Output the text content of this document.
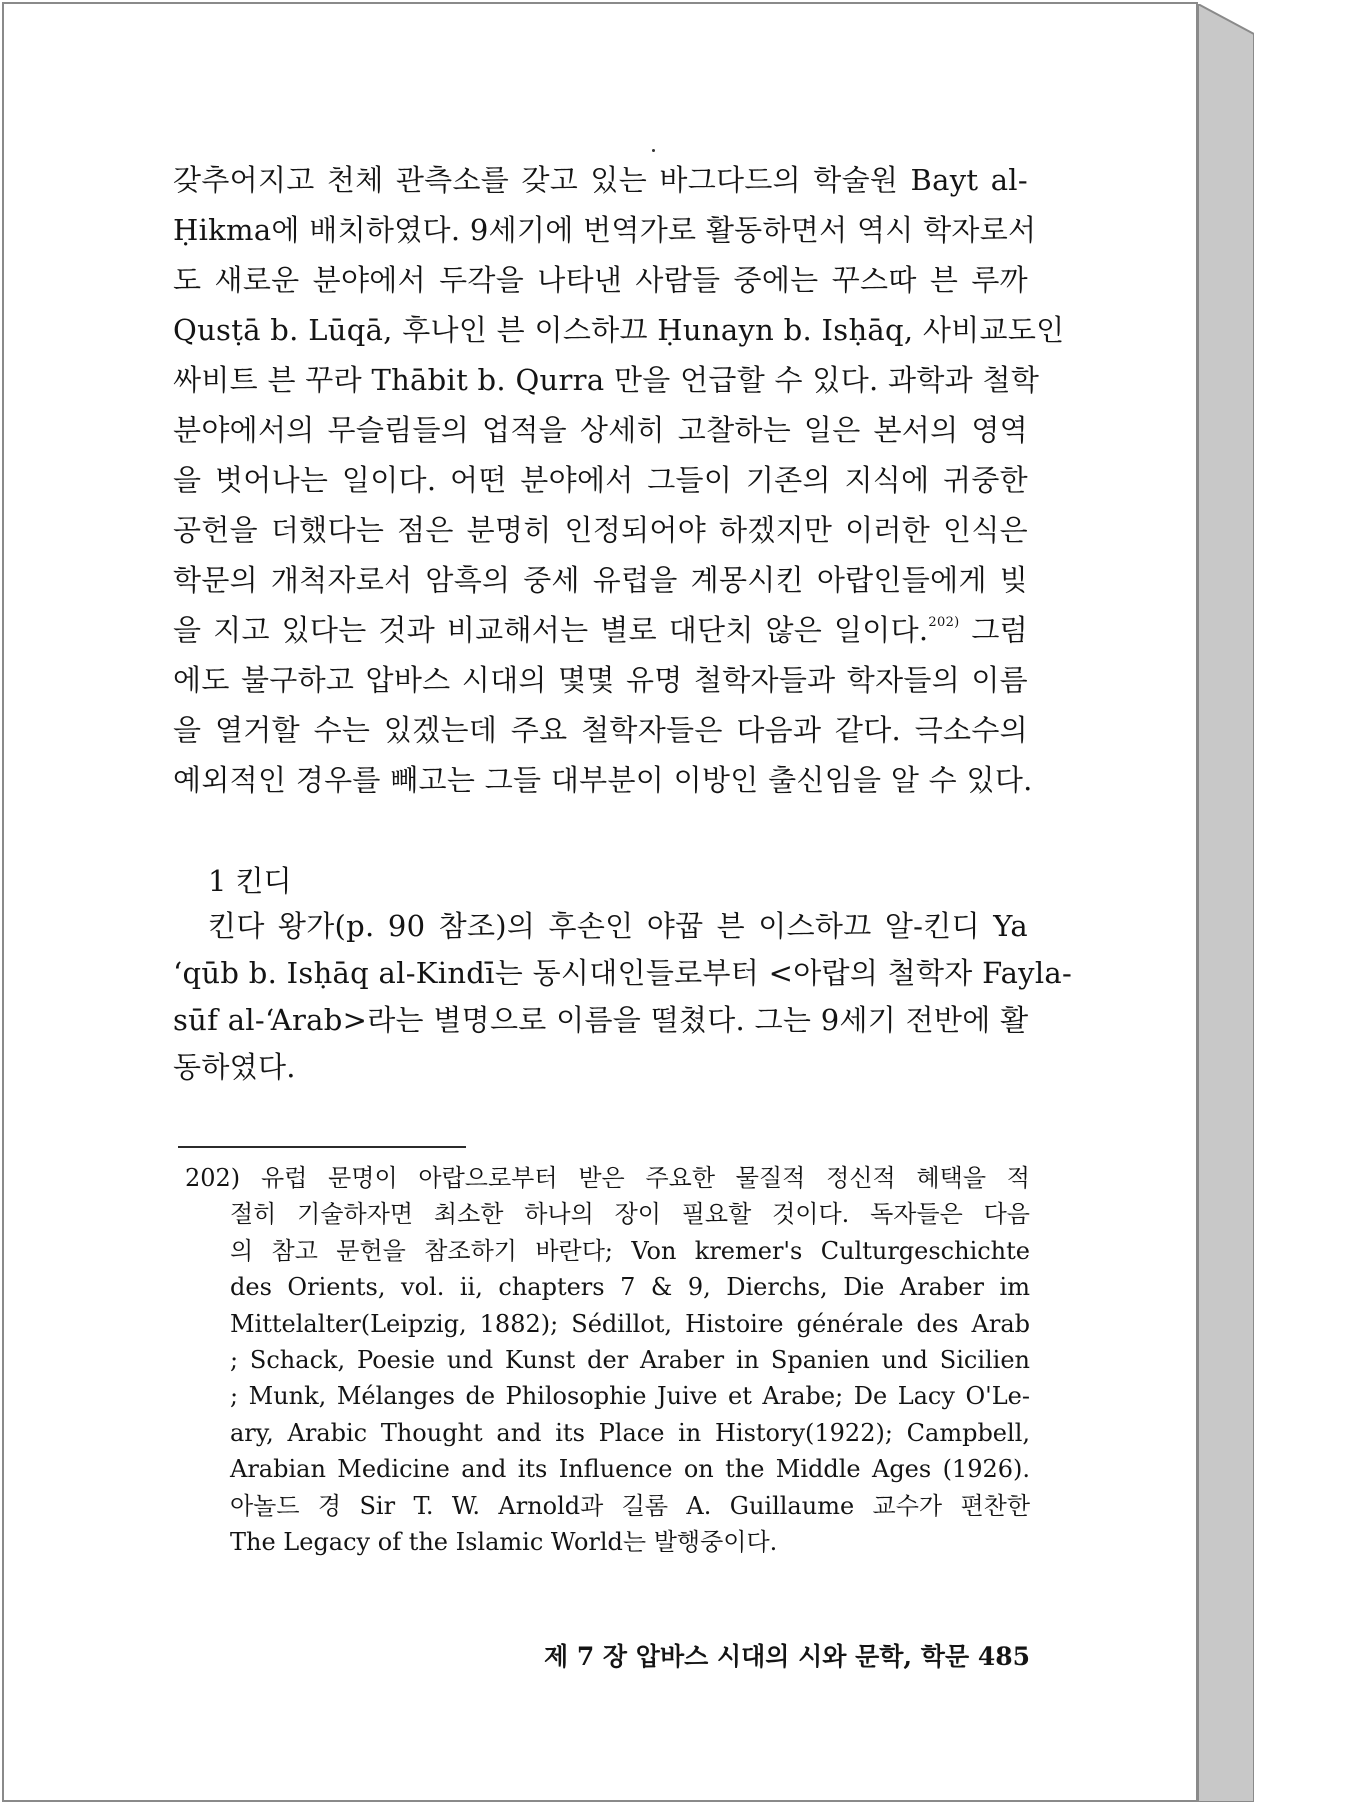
갖추어지고 천체 관측소를 갖고 있는 바그다드의 학술원 Bayt al-
Ḥikma에 배치하였다. 9세기에 번역가로 활동하면서 역시 학자로서
도 새로운 분야에서 두각을 나타낸 사람들 중에는 꾸스따 븐 루까
Qusṭā b. Lūqā, 후나인 븐 이스하끄 Ḥunayn b. Isḥāq, 사비교도인
싸비트 븐 꾸라 Thābit b. Qurra 만을 언급할 수 있다. 과학과 철학
분야에서의 무슬림들의 업적을 상세히 고찰하는 일은 본서의 영역
을 벗어나는 일이다. 어떤 분야에서 그들이 기존의 지식에 귀중한
공헌을 더했다는 점은 분명히 인정되어야 하겠지만 이러한 인식은
학문의 개척자로서 암흑의 중세 유럽을 계몽시킨 아랍인들에게 빚
을 지고 있다는 것과 비교해서는 별로 대단치 않은 일이다.$^{202)}$ 그럼
에도 불구하고 압바스 시대의 몇몇 유명 철학자들과 학자들의 이름
을 열거할 수는 있겠는데 주요 철학자들은 다음과 같다. 극소수의
예외적인 경우를 빼고는 그들 대부분이 이방인 출신임을 알 수 있다.
1 킨디
킨다 왕가(p. 90 참조)의 후손인 야꿉 븐 이스하끄 알-킨디 Ya
ʻqūb b. Isḥāq al-Kindī는 동시대인들로부터 <아랍의 철학자 Fayla-
sūf al-ʻArab>라는 별명으로 이름을 떨쳤다. 그는 9세기 전반에 활
동하였다.
202) 유럽 문명이 아랍으로부터 받은 주요한 물질적 정신적 혜택을 적
절히 기술하자면 최소한 하나의 장이 필요할 것이다. 독자들은 다음
의 참고 문헌을 참조하기 바란다; Von kremer's Culturgeschichte
des Orients, vol. ii, chapters 7 & 9, Dierchs, Die Araber im
Mittelalter(Leipzig, 1882); Sédillot, Histoire générale des Arab
; Schack, Poesie und Kunst der Araber in Spanien und Sicilien
; Munk, Mélanges de Philosophie Juive et Arabe; De Lacy O'Le-
ary, Arabic Thought and its Place in History(1922); Campbell,
Arabian Medicine and its Influence on the Middle Ages (1926).
아놀드 경 Sir T. W. Arnold과 길롬 A. Guillaume 교수가 편찬한
The Legacy of the Islamic World는 발행중이다.
제 7 장 압바스 시대의 시와 문학, 학문 485
